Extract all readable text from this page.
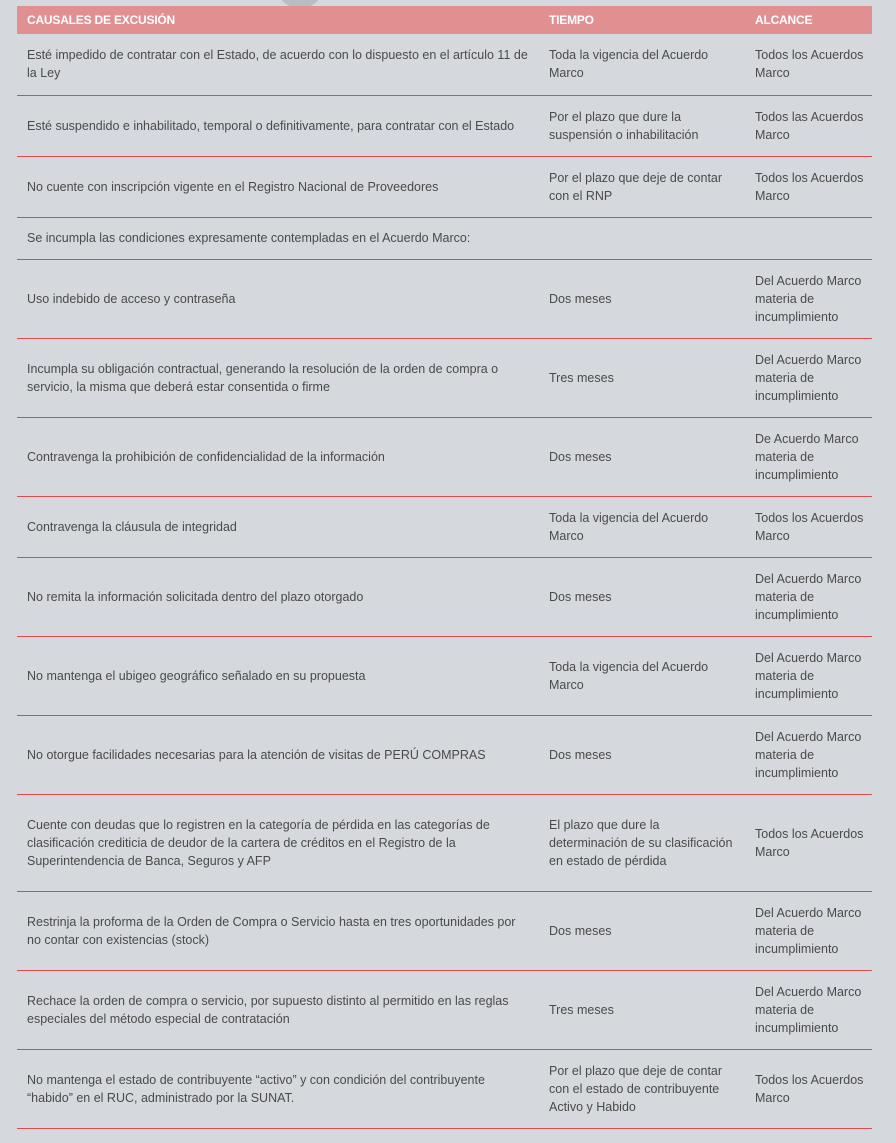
CAUSALES DE EXCUSIÓN	TIEMPO	ALCANCE
Esté impedido de contratar con el Estado, de acuerdo con lo dispuesto en el artículo 11 de la Ley	Toda la vigencia del Acuerdo Marco	Todos los Acuerdos Marco
Esté suspendido e inhabilitado, temporal o definitivamente, para contratar con el Estado	Por el plazo que dure la suspensión o inhabilitación	Todos las Acuerdos Marco
No cuente con inscripción vigente en el Registro Nacional de Proveedores	Por el plazo que deje de contar con el RNP	Todos los Acuerdos Marco
Se incumpla las condiciones expresamente contempladas en el Acuerdo Marco:		
Uso indebido de acceso y contraseña	Dos meses	Del Acuerdo Marco materia de incumplimiento
Incumpla su obligación contractual, generando la resolución de la orden de compra o servicio, la misma que deberá estar consentida o firme	Tres meses	Del Acuerdo Marco materia de incumplimiento
Contravenga la prohibición de confidencialidad de la información	Dos meses	De Acuerdo Marco materia de incumplimiento
Contravenga la cláusula de integridad	Toda la vigencia del Acuerdo Marco	Todos los Acuerdos Marco
No remita la información solicitada dentro del plazo otorgado	Dos meses	Del Acuerdo Marco materia de incumplimiento
No mantenga el ubigeo geográfico señalado en su propuesta	Toda la vigencia del Acuerdo Marco	Del Acuerdo Marco materia de incumplimiento
No otorgue facilidades necesarias para la atención de visitas de PERÚ COMPRAS	Dos meses	Del Acuerdo Marco materia de incumplimiento
Cuente con deudas que lo registren en la categoría de pérdida en las categorías de clasificación crediticia de deudor de la cartera de créditos en el Registro de la Superintendencia de Banca, Seguros y AFP	El plazo que dure la determinación de su clasificación en estado de pérdida	Todos los Acuerdos Marco
Restrinja la proforma de la Orden de Compra o Servicio hasta en tres oportunidades por no contar con existencias (stock)	Dos meses	Del Acuerdo Marco materia de incumplimiento
Rechace la orden de compra o servicio, por supuesto distinto al permitido en las reglas especiales del método especial de contratación	Tres meses	Del Acuerdo Marco materia de incumplimiento
No mantenga el estado de contribuyente “activo” y con condición del contribuyente “habido” en el RUC, administrado por la SUNAT.	Por el plazo que deje de contar con el estado de contribuyente Activo y Habido	Todos los Acuerdos Marco
